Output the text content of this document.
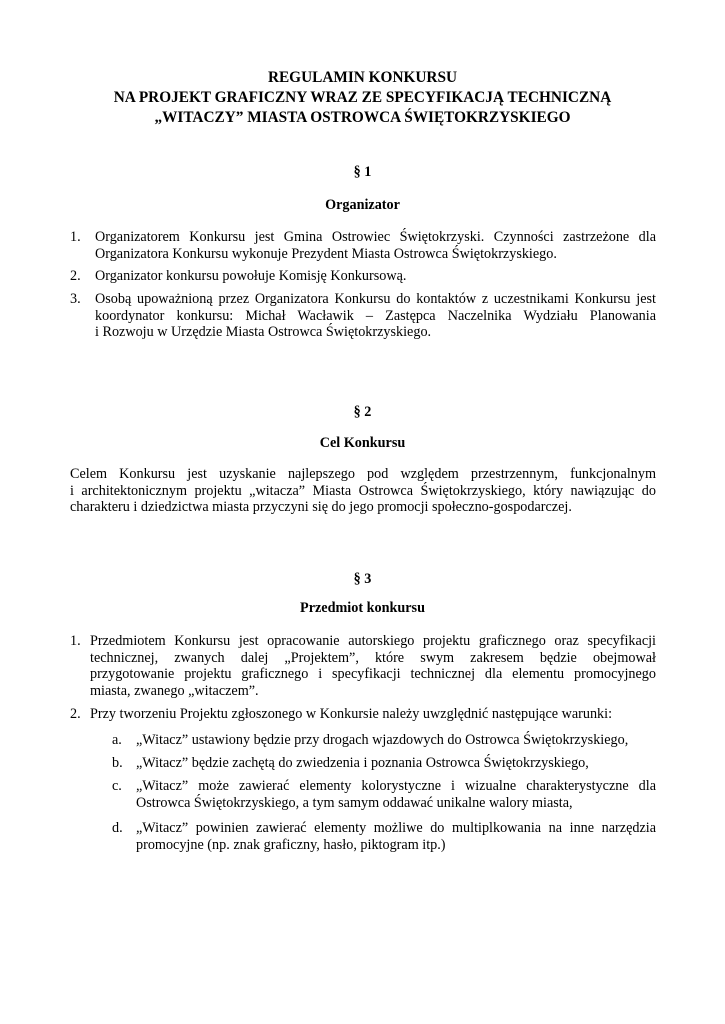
REGULAMIN KONKURSU
NA PROJEKT GRAFICZNY WRAZ ZE SPECYFIKACJĄ TECHNICZNĄ
„WITACZY” MIASTA OSTROWCA ŚWIĘTOKRZYSKIEGO
§ 1
Organizator
1. Organizatorem Konkursu jest Gmina Ostrowiec Świętokrzyski. Czynności zastrzeżone dla
Organizatora Konkursu wykonuje Prezydent Miasta Ostrowca Świętokrzyskiego.
2. Organizator konkursu powołuje Komisję Konkursową.
3. Osobą upoważnioną przez Organizatora Konkursu do kontaktów z uczestnikami Konkursu jest
koordynator konkursu: Michał Wacławik – Zastępca Naczelnika Wydziału Planowania
i Rozwoju w Urzędzie Miasta Ostrowca Świętokrzyskiego.
§ 2
Cel Konkursu
Celem Konkursu jest uzyskanie najlepszego pod względem przestrzennym, funkcjonalnym
i architektonicznym projektu „witacza” Miasta Ostrowca Świętokrzyskiego, który nawiązując do
charakteru i dziedzictwa miasta przyczyni się do jego promocji społeczno-gospodarczej.
§ 3
Przedmiot konkursu
1. Przedmiotem Konkursu jest opracowanie autorskiego projektu graficznego oraz specyfikacji
technicznej, zwanych dalej „Projektem”, które swym zakresem będzie obejmował
przygotowanie projektu graficznego i specyfikacji technicznej dla elementu promocyjnego
miasta, zwanego „witaczem”.
2. Przy tworzeniu Projektu zgłoszonego w Konkursie należy uwzględnić następujące warunki:
a. „Witacz” ustawiony będzie przy drogach wjazdowych do Ostrowca Świętokrzyskiego,
b. „Witacz” będzie zachętą do zwiedzenia i poznania Ostrowca Świętokrzyskiego,
c. „Witacz” może zawierać elementy kolorystyczne i wizualne charakterystyczne dla
Ostrowca Świętokrzyskiego, a tym samym oddawać unikalne walory miasta,
d. „Witacz” powinien zawierać elementy możliwe do multiplkowania na inne narzędzia
promocyjne (np. znak graficzny, hasło, piktogram itp.)
